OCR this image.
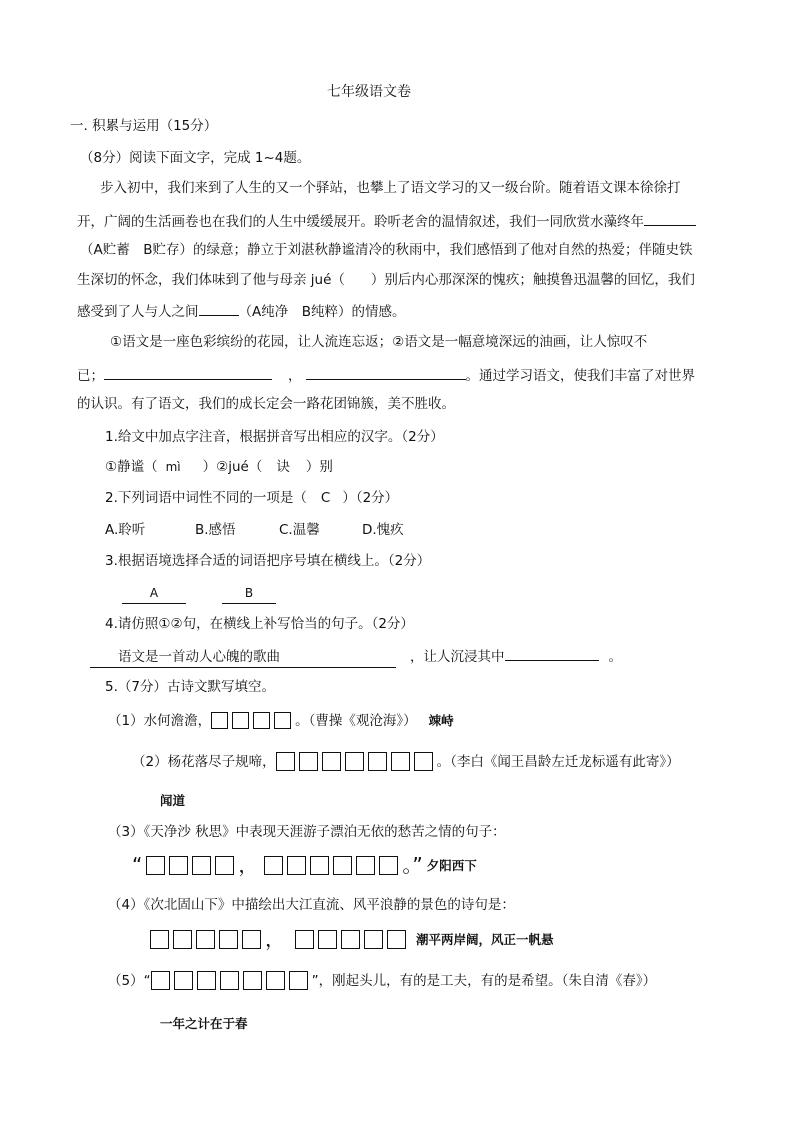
七年级语文卷
一. 积累与运用（15分）
（8分）阅读下面文字，完成 1~4题。
步入初中，我们来到了人生的又一个驿站，也攀上了语文学习的又一级台阶。随着语文课本徐徐打
开，广阔的生活画卷也在我们的人生中缓缓展开。聆听老舍的温情叙述，我们一同欣赏水藻终年
（A贮蓄　B贮存）的绿意；静立于刘湛秋静谧清冷的秋雨中，我们感悟到了他对自然的热爱；伴随史铁
生深切的怀念，我们体味到了他与母亲 jué（ ）别后内心那深深的愧疚；触摸鲁迅温馨的回忆，我们
感受到了人与人之间	（A纯净　B纯粹）的情感。
①语文是一座色彩缤纷的花园，让人流连忘返；②语文是一幅意境深远的油画，让人惊叹不
已；	，	。通过学习语文，使我们丰富了对世界
的认识。有了语文，我们的成长定会一路花团锦簇，美不胜收。
1.给文中加点字注音，根据拼音写出相应的汉字。（2分）
①静谧（ mì ）②jué（ 诀 ）别
2.下列词语中词性不同的一项是（ C ）（2分）
A.聆听	B.感悟	C.温馨	D.愧疚
3.根据语境选择合适的词语把序号填在横线上。（2分）
A	B
4.请仿照①②句，在横线上补写恰当的句子。（2分）
语文是一首动人心魄的歌曲	，让人沉浸其中	。
5.（7分）古诗文默写填空。
（1）水何澹澹，	。（曹操《观沧海》） 竦峙
（2）杨花落尽子规啼，	。（李白《闻王昌龄左迁龙标遥有此寄》）
闻道
（3）《天净沙 秋思》中表现天涯游子漂泊无依的愁苦之情的句子：
“	，	。” 夕阳西下
（4）《次北固山下》中描绘出大江直流、风平浪静的景色的诗句是：
，	潮平两岸阔，风正一帆悬
（5）“	”，刚起头儿，有的是工夫，有的是希望。（朱自清《春》）
一年之计在于春
